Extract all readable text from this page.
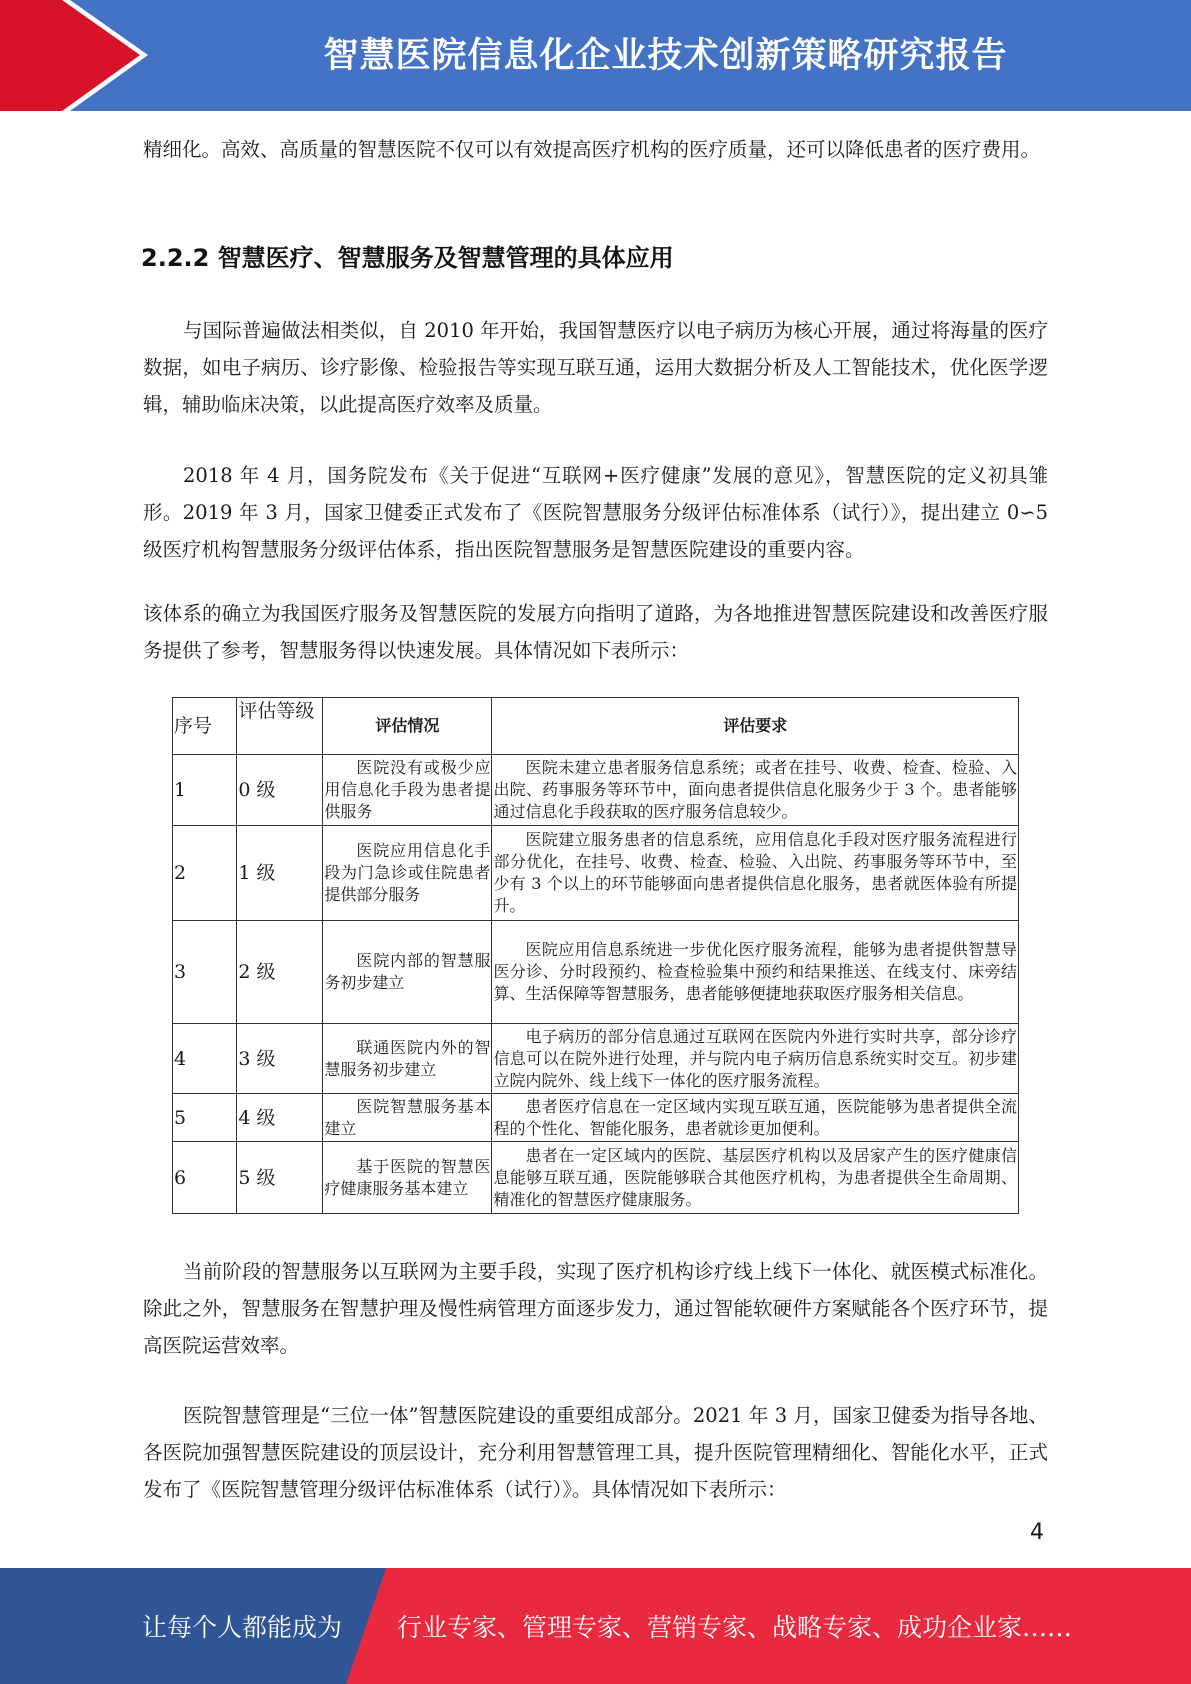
智慧医院信息化企业技术创新策略研究报告
精细化。高效、高质量的智慧医院不仅可以有效提高医疗机构的医疗质量，还可以降低患者的医疗费用。
2.2.2 智慧医疗、智慧服务及智慧管理的具体应用
与国际普遍做法相类似，自 2010 年开始，我国智慧医疗以电子病历为核心开展，通过将海量的医疗数据，如电子病历、诊疗影像、检验报告等实现互联互通，运用大数据分析及人工智能技术，优化医学逻辑，辅助临床决策，以此提高医疗效率及质量。
2018 年 4 月，国务院发布《关于促进“互联网+医疗健康”发展的意见》，智慧医院的定义初具雏形。2019 年 3 月，国家卫健委正式发布了《医院智慧服务分级评估标准体系（试行）》，提出建立 0∽5 级医疗机构智慧服务分级评估体系，指出医院智慧服务是智慧医院建设的重要内容。
该体系的确立为我国医疗服务及智慧医院的发展方向指明了道路，为各地推进智慧医院建设和改善医疗服务提供了参考，智慧服务得以快速发展。具体情况如下表所示：
序号	评估等级	评估情况	评估要求
1	0 级	医院没有或极少应用信息化手段为患者提供服务	医院未建立患者服务信息系统；或者在挂号、收费、检查、检验、入出院、药事服务等环节中，面向患者提供信息化服务少于 3 个。患者能够通过信息化手段获取的医疗服务信息较少。
2	1 级	医院应用信息化手段为门急诊或住院患者提供部分服务	医院建立服务患者的信息系统，应用信息化手段对医疗服务流程进行部分优化，在挂号、收费、检查、检验、入出院、药事服务等环节中，至少有 3 个以上的环节能够面向患者提供信息化服务，患者就医体验有所提升。
3	2 级	医院内部的智慧服务初步建立	医院应用信息系统进一步优化医疗服务流程，能够为患者提供智慧导医分诊、分时段预约、检查检验集中预约和结果推送、在线支付、床旁结算、生活保障等智慧服务，患者能够便捷地获取医疗服务相关信息。
4	3 级	联通医院内外的智慧服务初步建立	电子病历的部分信息通过互联网在医院内外进行实时共享，部分诊疗信息可以在院外进行处理，并与院内电子病历信息系统实时交互。初步建立院内院外、线上线下一体化的医疗服务流程。
5	4 级	医院智慧服务基本建立	患者医疗信息在一定区域内实现互联互通，医院能够为患者提供全流程的个性化、智能化服务，患者就诊更加便利。
6	5 级	基于医院的智慧医疗健康服务基本建立	患者在一定区域内的医院、基层医疗机构以及居家产生的医疗健康信息能够互联互通，医院能够联合其他医疗机构，为患者提供全生命周期、精准化的智慧医疗健康服务。
当前阶段的智慧服务以互联网为主要手段，实现了医疗机构诊疗线上线下一体化、就医模式标准化。除此之外，智慧服务在智慧护理及慢性病管理方面逐步发力，通过智能软硬件方案赋能各个医疗环节，提高医院运营效率。
医院智慧管理是“三位一体”智慧医院建设的重要组成部分。2021 年 3 月，国家卫健委为指导各地、各医院加强智慧医院建设的顶层设计，充分利用智慧管理工具，提升医院管理精细化、智能化水平，正式发布了《医院智慧管理分级评估标准体系（试行）》。具体情况如下表所示：
4
让每个人都能成为 行业专家、管理专家、营销专家、战略专家、成功企业家……
